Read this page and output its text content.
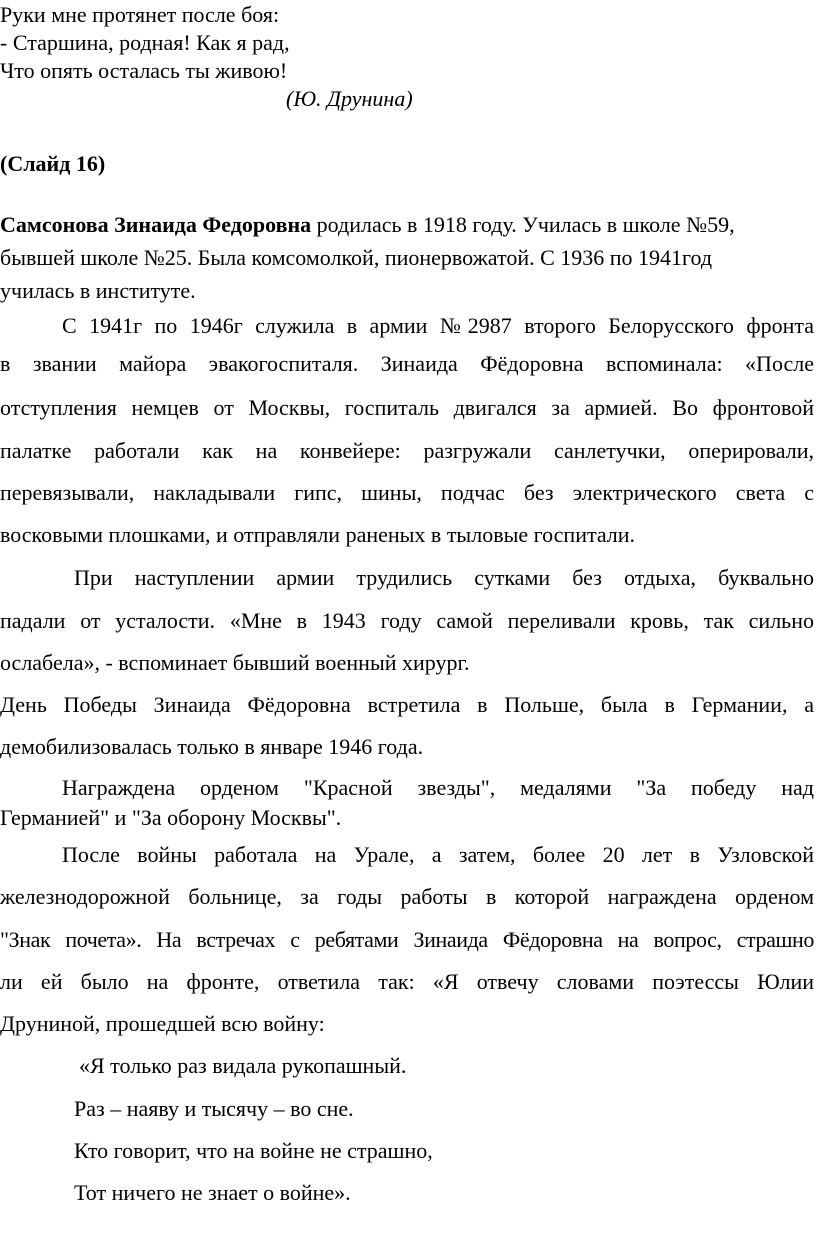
Руки мне протянет после боя:
- Старшина, родная! Как я рад,
Что опять осталась ты живою!
(Ю. Друнина)
(Слайд 16)
Самсонова Зинаида Федоровна родилась в 1918 году. Училась в школе №59,
бывшей школе №25. Была комсомолкой, пионервожатой. С 1936 по 1941год
училась в институте.
С 1941г по 1946г служила в армии №2987 второго Белорусского фронта
в звании майора эвакогоспиталя. Зинаида Фёдоровна вспоминала: «После
отступления немцев от Москвы, госпиталь двигался за армией. Во фронтовой
палатке работали как на конвейере: разгружали санлетучки, оперировали,
перевязывали, накладывали гипс, шины, подчас без электрического света с
восковыми плошками, и отправляли раненых в тыловые госпитали.
При наступлении армии трудились сутками без отдыха, буквально
падали от усталости. «Мне в 1943 году самой переливали кровь, так сильно
ослабела», - вспоминает бывший военный хирург.
День Победы Зинаида Фёдоровна встретила в Польше, была в Германии, а
демобилизовалась только в январе 1946 года.
Награждена орденом "Красной звезды", медалями "За победу над
Германией" и "За оборону Москвы".
После войны работала на Урале, а затем, более 20 лет в Узловской
железнодорожной больнице, за годы работы в которой награждена орденом
"Знак почета». На встречах с ребятами Зинаида Фёдоровна на вопрос, страшно
ли ей было на фронте, ответила так: «Я отвечу словами поэтессы Юлии
Друниной, прошедшей всю войну:
«Я только раз видала рукопашный.
Раз – наяву и тысячу – во сне.
Кто говорит, что на войне не страшно,
Тот ничего не знает о войне».
